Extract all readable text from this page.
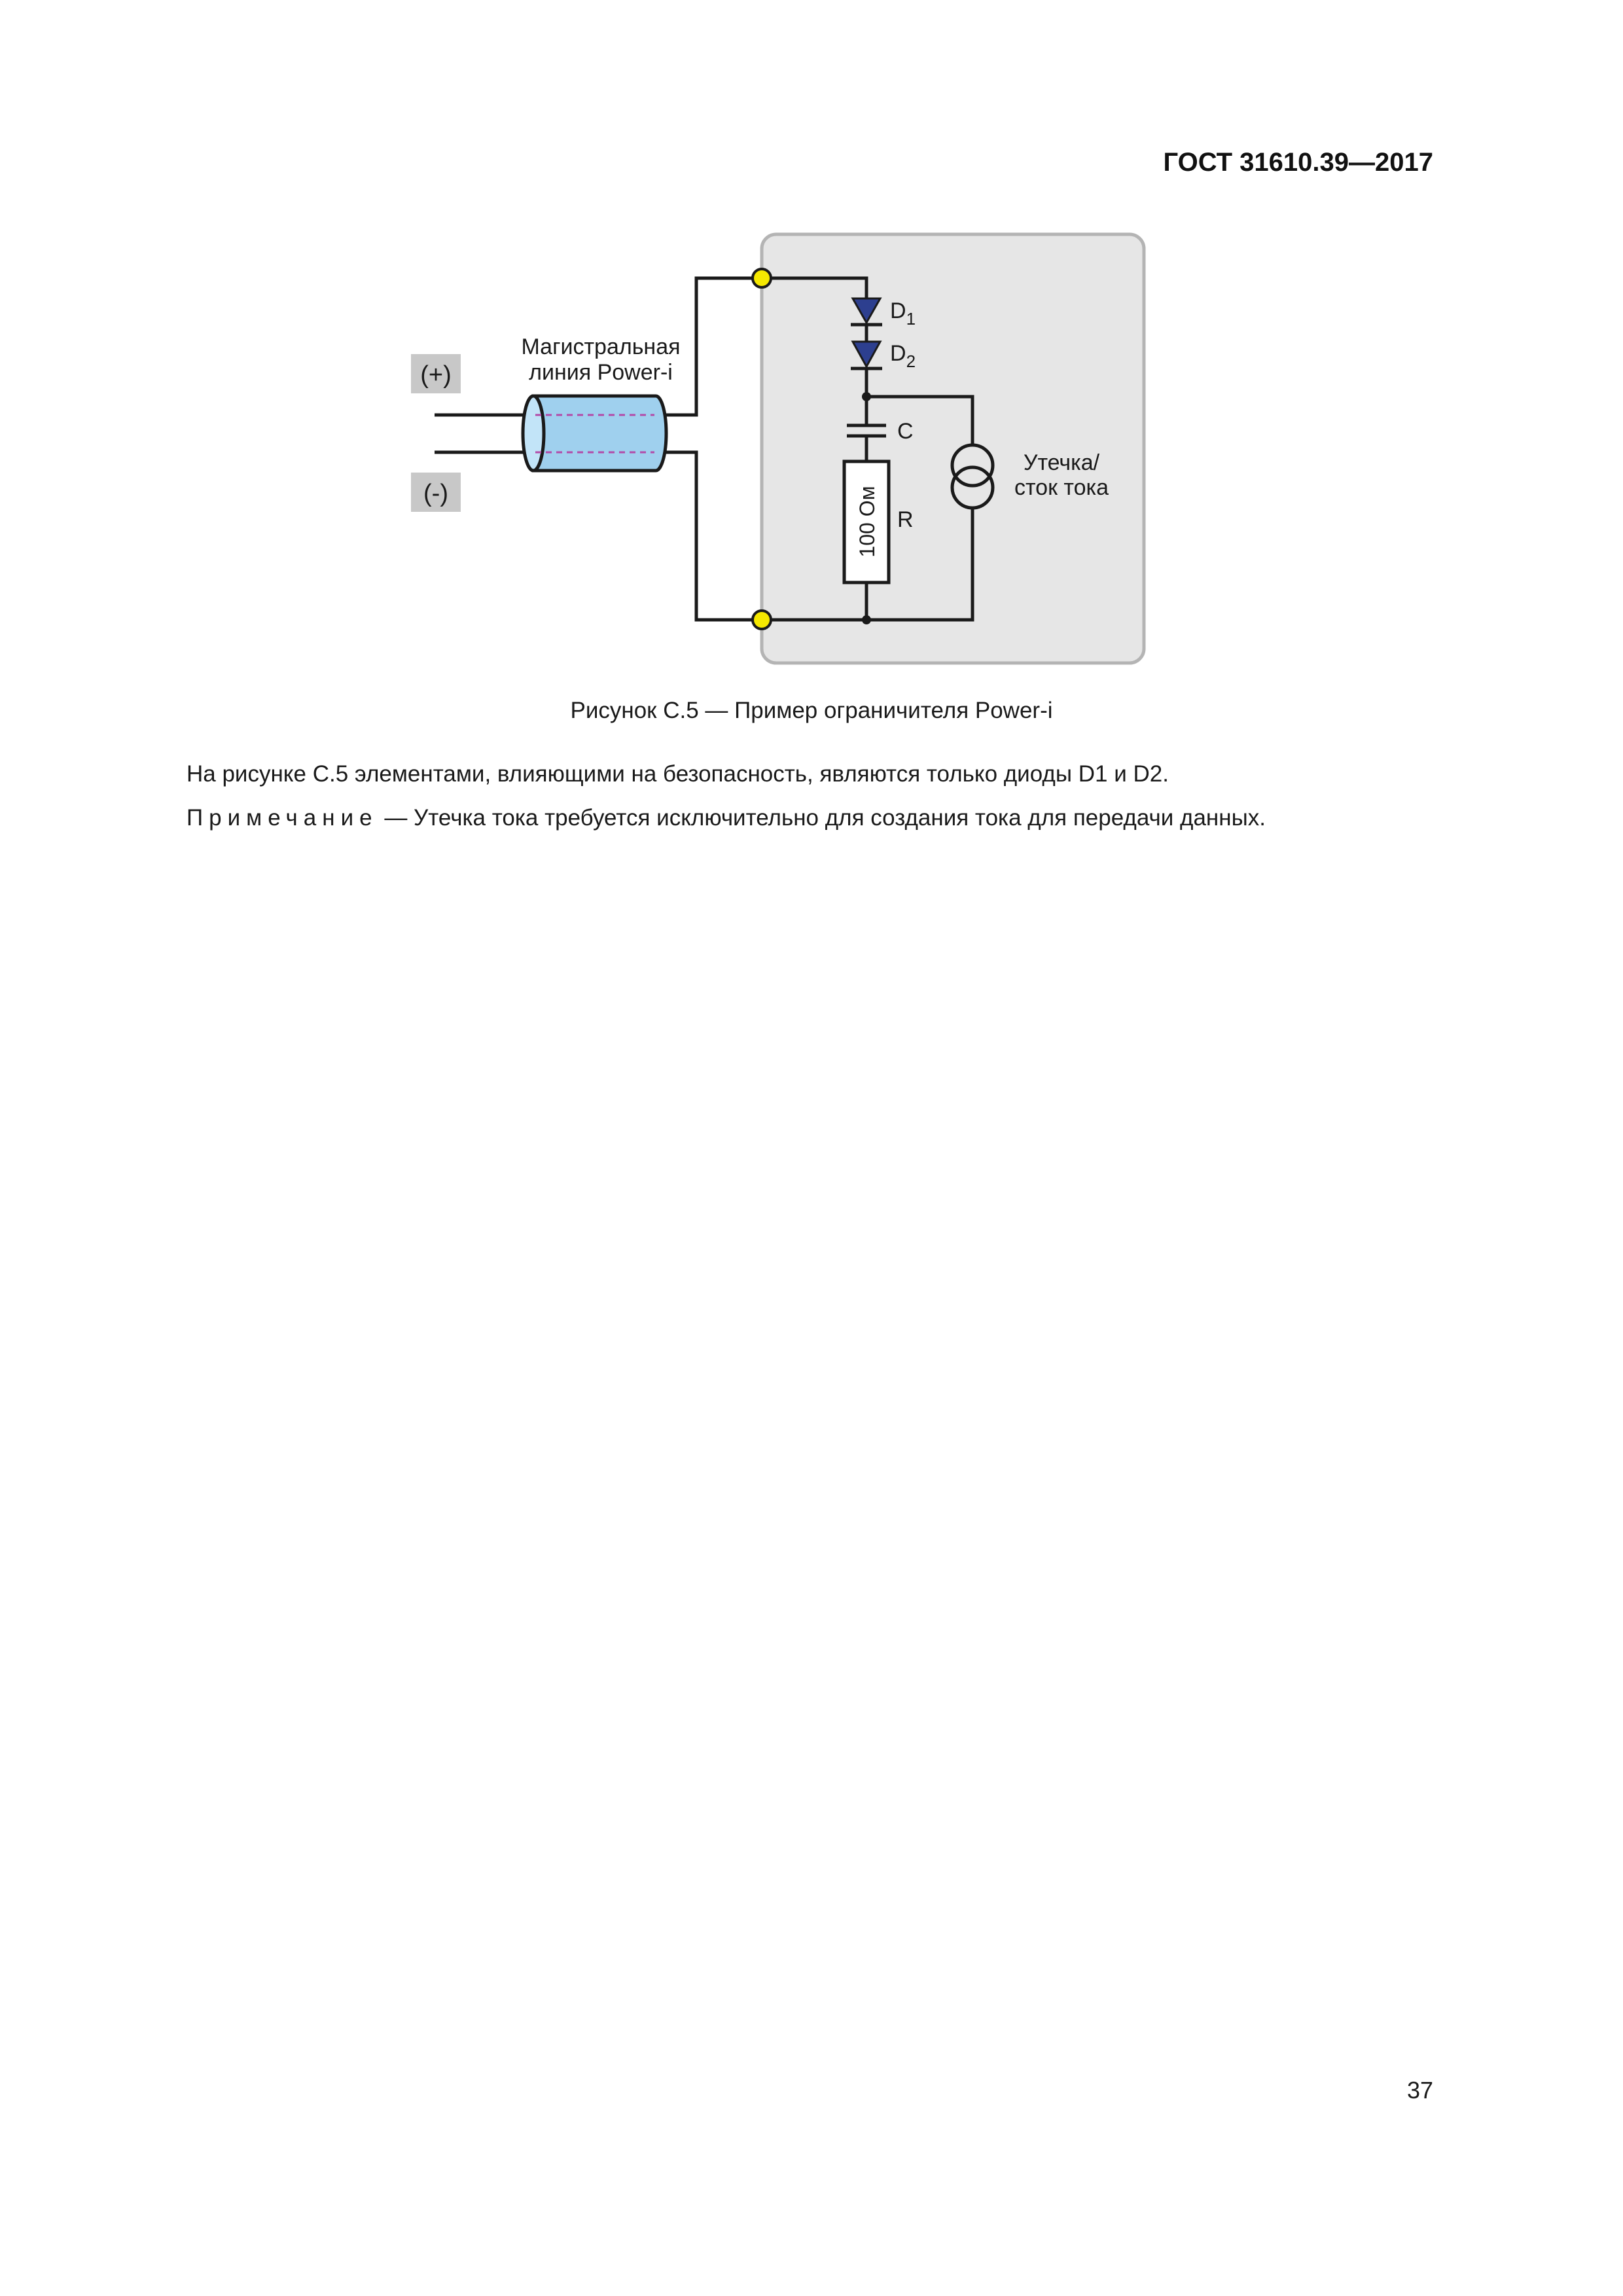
ГОСТ 31610.39—2017
(+)
(-)
Магистральная
линия Power-i
$D_1$
$D_2$
C
100 Ом R
Утечка/
сток тока
Рисунок С.5 — Пример ограничителя Power-i
На рисунке С.5 элементами, влияющими на безопасность, являются только диоды D1 и D2.
Примечание — Утечка тока требуется исключительно для создания тока для передачи данных.
37
